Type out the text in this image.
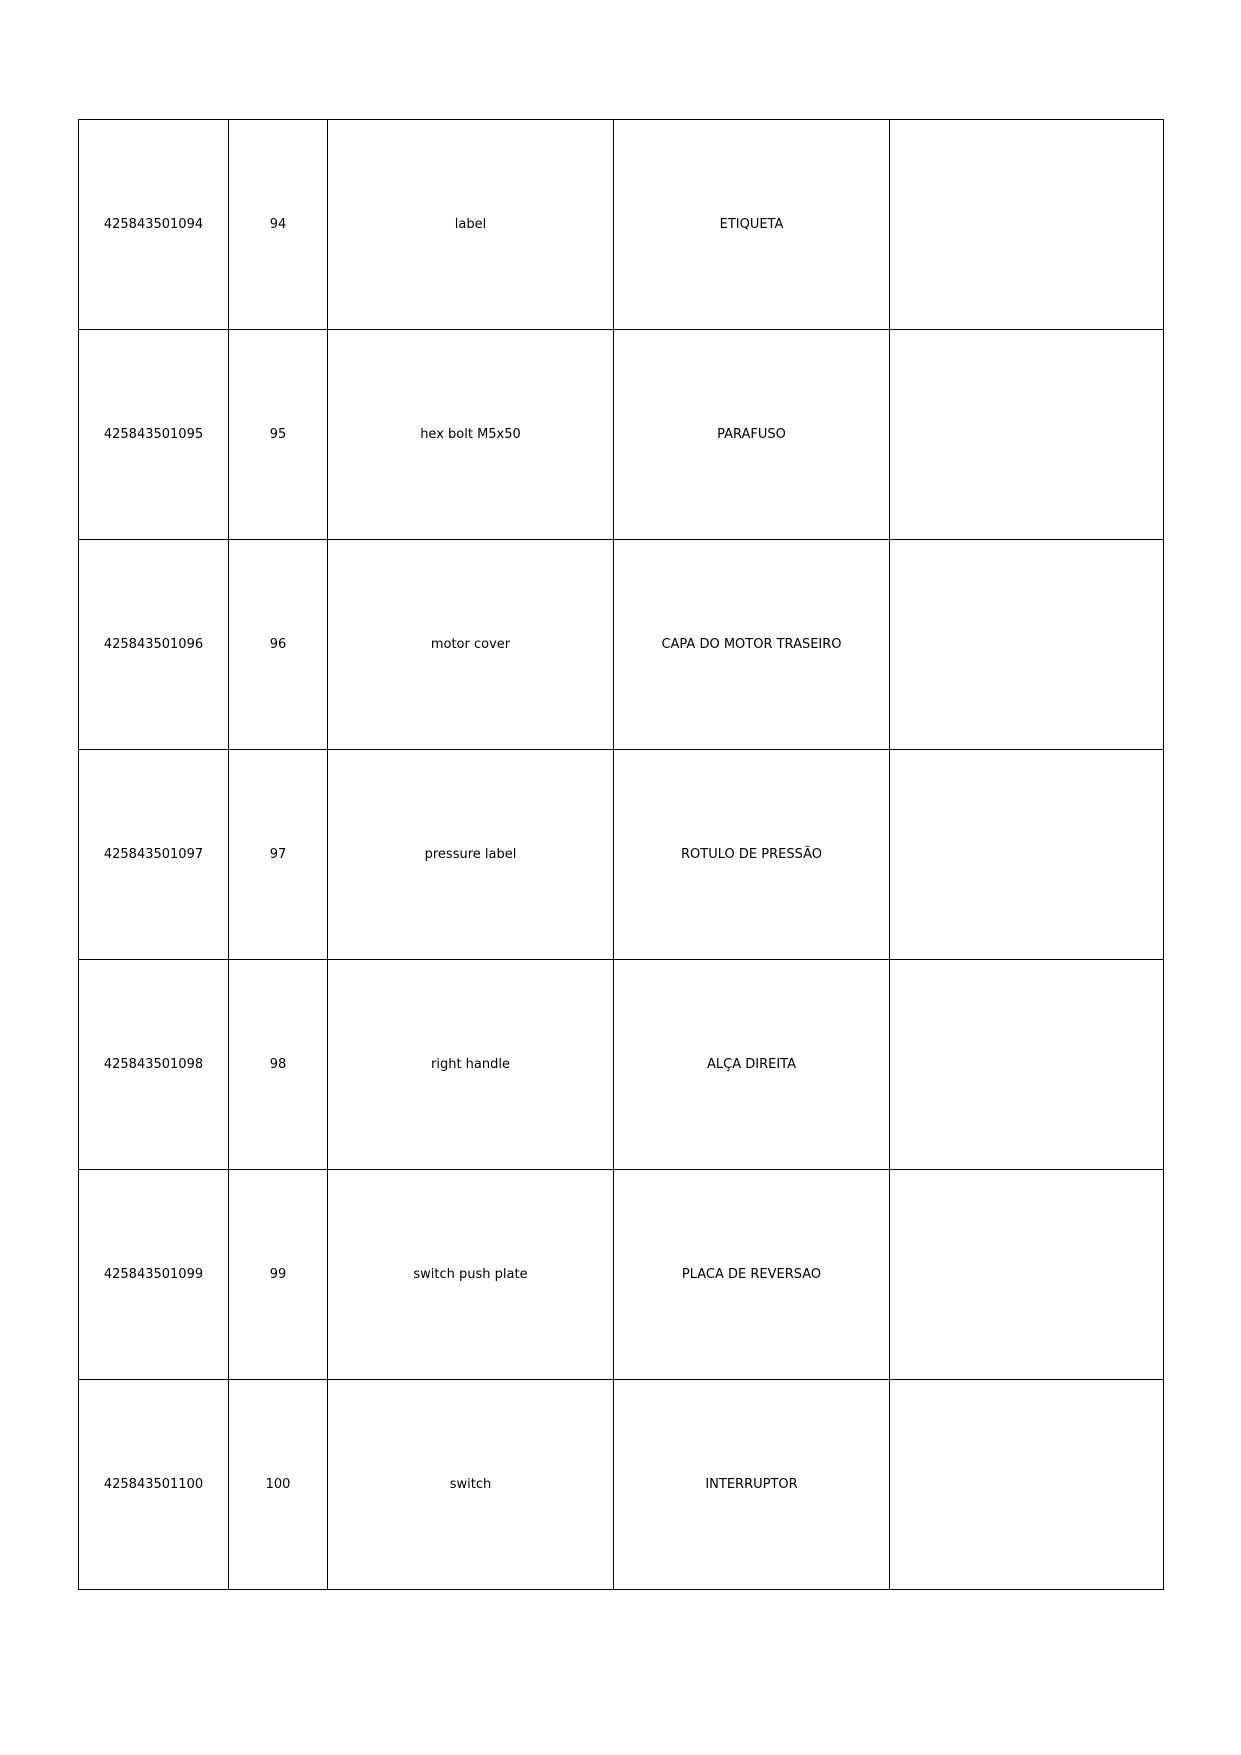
425843501094	94	label	ETIQUETA	
425843501095	95	hex bolt M5x50	PARAFUSO	
425843501096	96	motor cover	CAPA DO MOTOR TRASEIRO	
425843501097	97	pressure label	ROTULO DE PRESSÃO	
425843501098	98	right handle	ALÇA DIREITA	
425843501099	99	switch push plate	PLACA DE REVERSAO	
425843501100	100	switch	INTERRUPTOR	
